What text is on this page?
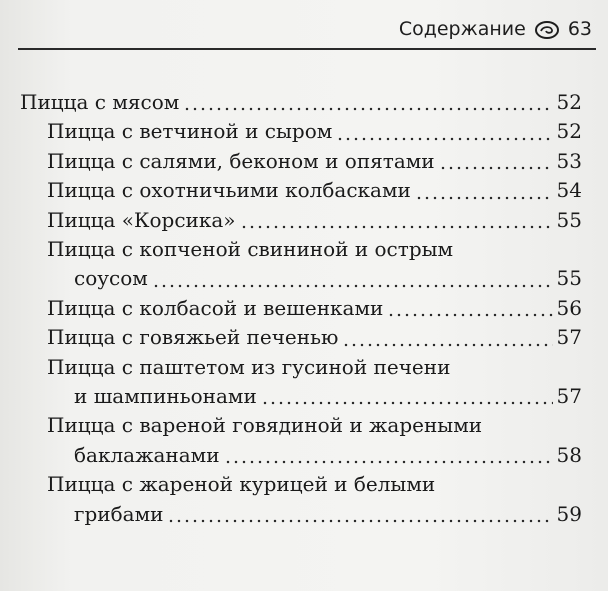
Содержание 63
Пицца с мясом	52
Пицца с ветчиной и сыром	52
Пицца с салями, беконом и опятами	53
Пицца с охотничьими колбасками	54
Пицца «Корсика»	55
Пицца с копченой свининой и острым
соусом	55
Пицца с колбасой и вешенками	56
Пицца с говяжьей печенью	57
Пицца с паштетом из гусиной печени
и шампиньонами	57
Пицца с вареной говядиной и жареными
баклажанами	58
Пицца с жареной курицей и белыми
грибами	59
